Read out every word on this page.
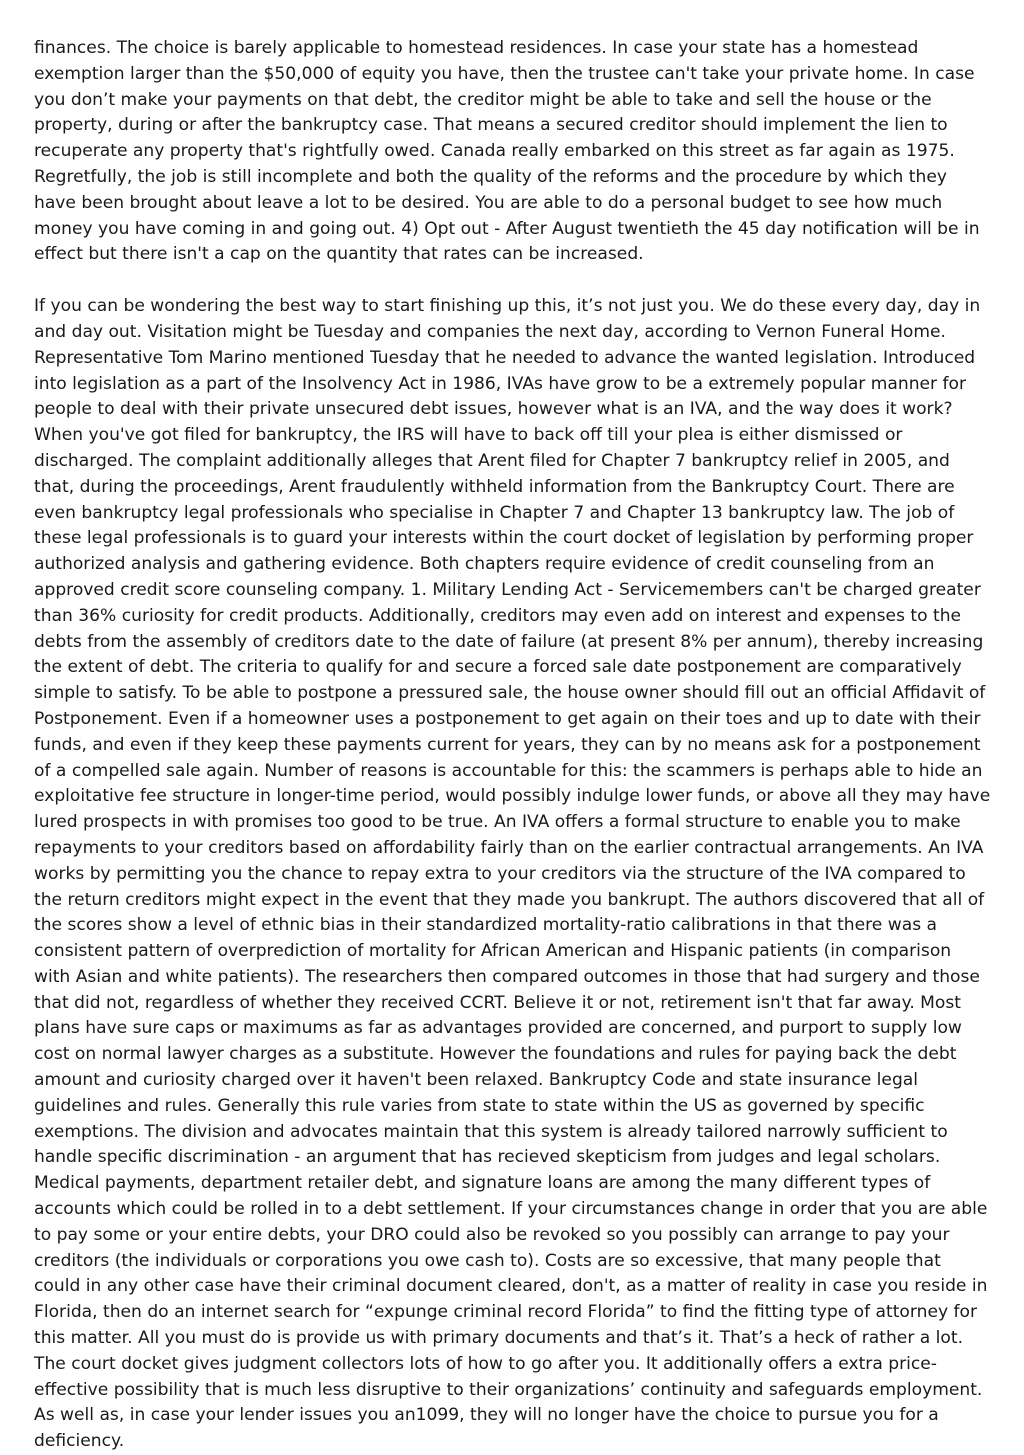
finances. The choice is barely applicable to homestead residences. In case your state has a homestead exemption larger than the $50,000 of equity you have, then the trustee can't take your private home. In case you don’t make your payments on that debt, the creditor might be able to take and sell the house or the property, during or after the bankruptcy case. That means a secured creditor should implement the lien to recuperate any property that's rightfully owed. Canada really embarked on this street as far again as 1975. Regretfully, the job is still incomplete and both the quality of the reforms and the procedure by which they have been brought about leave a lot to be desired. You are able to do a personal budget to see how much money you have coming in and going out. 4) Opt out - After August twentieth the 45 day notification will be in effect but there isn't a cap on the quantity that rates can be increased.

If you can be wondering the best way to start finishing up this, it’s not just you. We do these every day, day in and day out. Visitation might be Tuesday and companies the next day, according to Vernon Funeral Home. Representative Tom Marino mentioned Tuesday that he needed to advance the wanted legislation. Introduced into legislation as a part of the Insolvency Act in 1986, IVAs have grow to be a extremely popular manner for people to deal with their private unsecured debt issues, however what is an IVA, and the way does it work? When you've got filed for bankruptcy, the IRS will have to back off till your plea is either dismissed or discharged. The complaint additionally alleges that Arent filed for Chapter 7 bankruptcy relief in 2005, and that, during the proceedings, Arent fraudulently withheld information from the Bankruptcy Court. There are even bankruptcy legal professionals who specialise in Chapter 7 and Chapter 13 bankruptcy law. The job of these legal professionals is to guard your interests within the court docket of legislation by performing proper authorized analysis and gathering evidence. Both chapters require evidence of credit counseling from an approved credit score counseling company. 1. Military Lending Act - Servicemembers can't be charged greater than 36% curiosity for credit products. Additionally, creditors may even add on interest and expenses to the debts from the assembly of creditors date to the date of failure (at present 8% per annum), thereby increasing the extent of debt. The criteria to qualify for and secure a forced sale date postponement are comparatively simple to satisfy. To be able to postpone a pressured sale, the house owner should fill out an official Affidavit of Postponement. Even if a homeowner uses a postponement to get again on their toes and up to date with their funds, and even if they keep these payments current for years, they can by no means ask for a postponement of a compelled sale again. Number of reasons is accountable for this: the scammers is perhaps able to hide an exploitative fee structure in longer-time period, would possibly indulge lower funds, or above all they may have lured prospects in with promises too good to be true. An IVA offers a formal structure to enable you to make repayments to your creditors based on affordability fairly than on the earlier contractual arrangements. An IVA works by permitting you the chance to repay extra to your creditors via the structure of the IVA compared to the return creditors might expect in the event that they made you bankrupt. The authors discovered that all of the scores show a level of ethnic bias in their standardized mortality-ratio calibrations in that there was a consistent pattern of overprediction of mortality for African American and Hispanic patients (in comparison with Asian and white patients). The researchers then compared outcomes in those that had surgery and those that did not, regardless of whether they received CCRT. Believe it or not, retirement isn't that far away. Most plans have sure caps or maximums as far as advantages provided are concerned, and purport to supply low cost on normal lawyer charges as a substitute. However the foundations and rules for paying back the debt amount and curiosity charged over it haven't been relaxed. Bankruptcy Code and state insurance legal guidelines and rules. Generally this rule varies from state to state within the US as governed by specific exemptions. The division and advocates maintain that this system is already tailored narrowly sufficient to handle specific discrimination - an argument that has recieved skepticism from judges and legal scholars. Medical payments, department retailer debt, and signature loans are among the many different types of accounts which could be rolled in to a debt settlement. If your circumstances change in order that you are able to pay some or your entire debts, your DRO could also be revoked so you possibly can arrange to pay your creditors (the individuals or corporations you owe cash to). Costs are so excessive, that many people that could in any other case have their criminal document cleared, don't, as a matter of reality in case you reside in Florida, then do an internet search for “expunge criminal record Florida” to find the fitting type of attorney for this matter. All you must do is provide us with primary documents and that’s it. That’s a heck of rather a lot. The court docket gives judgment collectors lots of how to go after you. It additionally offers a extra price-effective possibility that is much less disruptive to their organizations’ continuity and safeguards employment. As well as, in case your lender issues you an1099, they will no longer have the choice to pursue you for a deficiency.
